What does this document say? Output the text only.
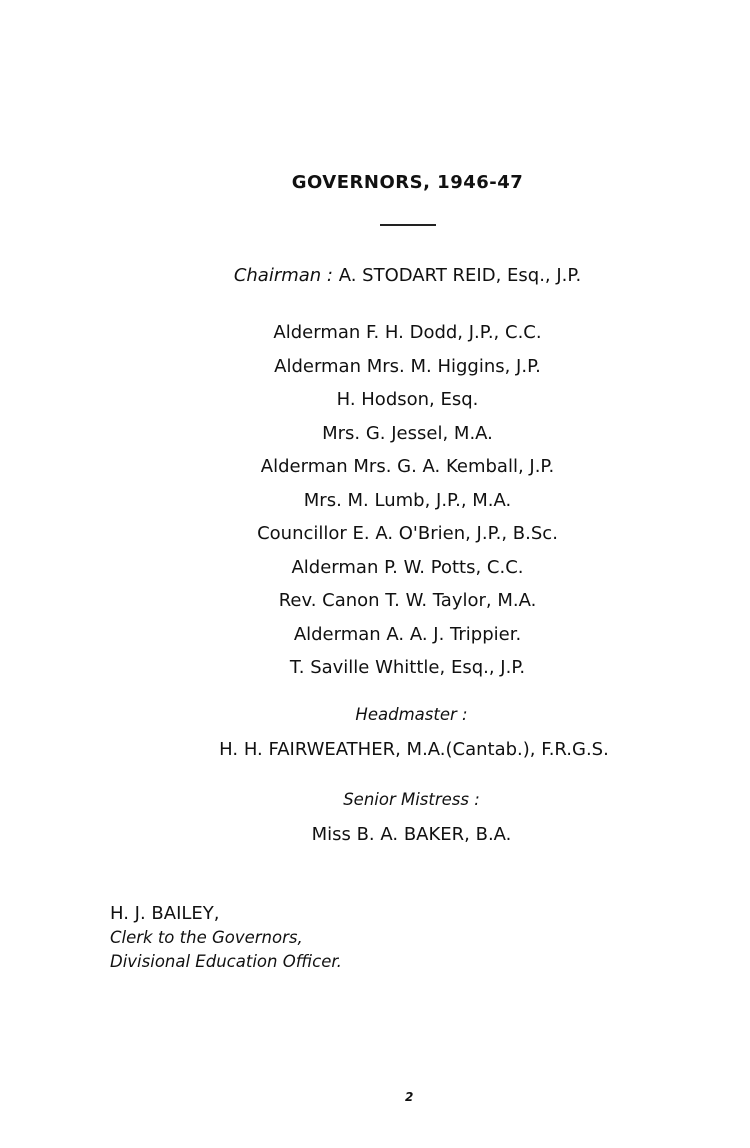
GOVERNORS, 1946-47
Chairman : A. STODART REID, Esq., J.P.
Alderman F. H. Dodd, J.P., C.C.
Alderman Mrs. M. Higgins, J.P.
H. Hodson, Esq.
Mrs. G. Jessel, M.A.
Alderman Mrs. G. A. Kemball, J.P.
Mrs. M. Lumb, J.P., M.A.
Councillor E. A. O'Brien, J.P., B.Sc.
Alderman P. W. Potts, C.C.
Rev. Canon T. W. Taylor, M.A.
Alderman A. A. J. Trippier.
T. Saville Whittle, Esq., J.P.
Headmaster :
H. H. FAIRWEATHER, M.A.(Cantab.), F.R.G.S.
Senior Mistress :
Miss B. A. BAKER, B.A.
H. J. BAILEY,
Clerk to the Governors,
Divisional Education Officer.
2
